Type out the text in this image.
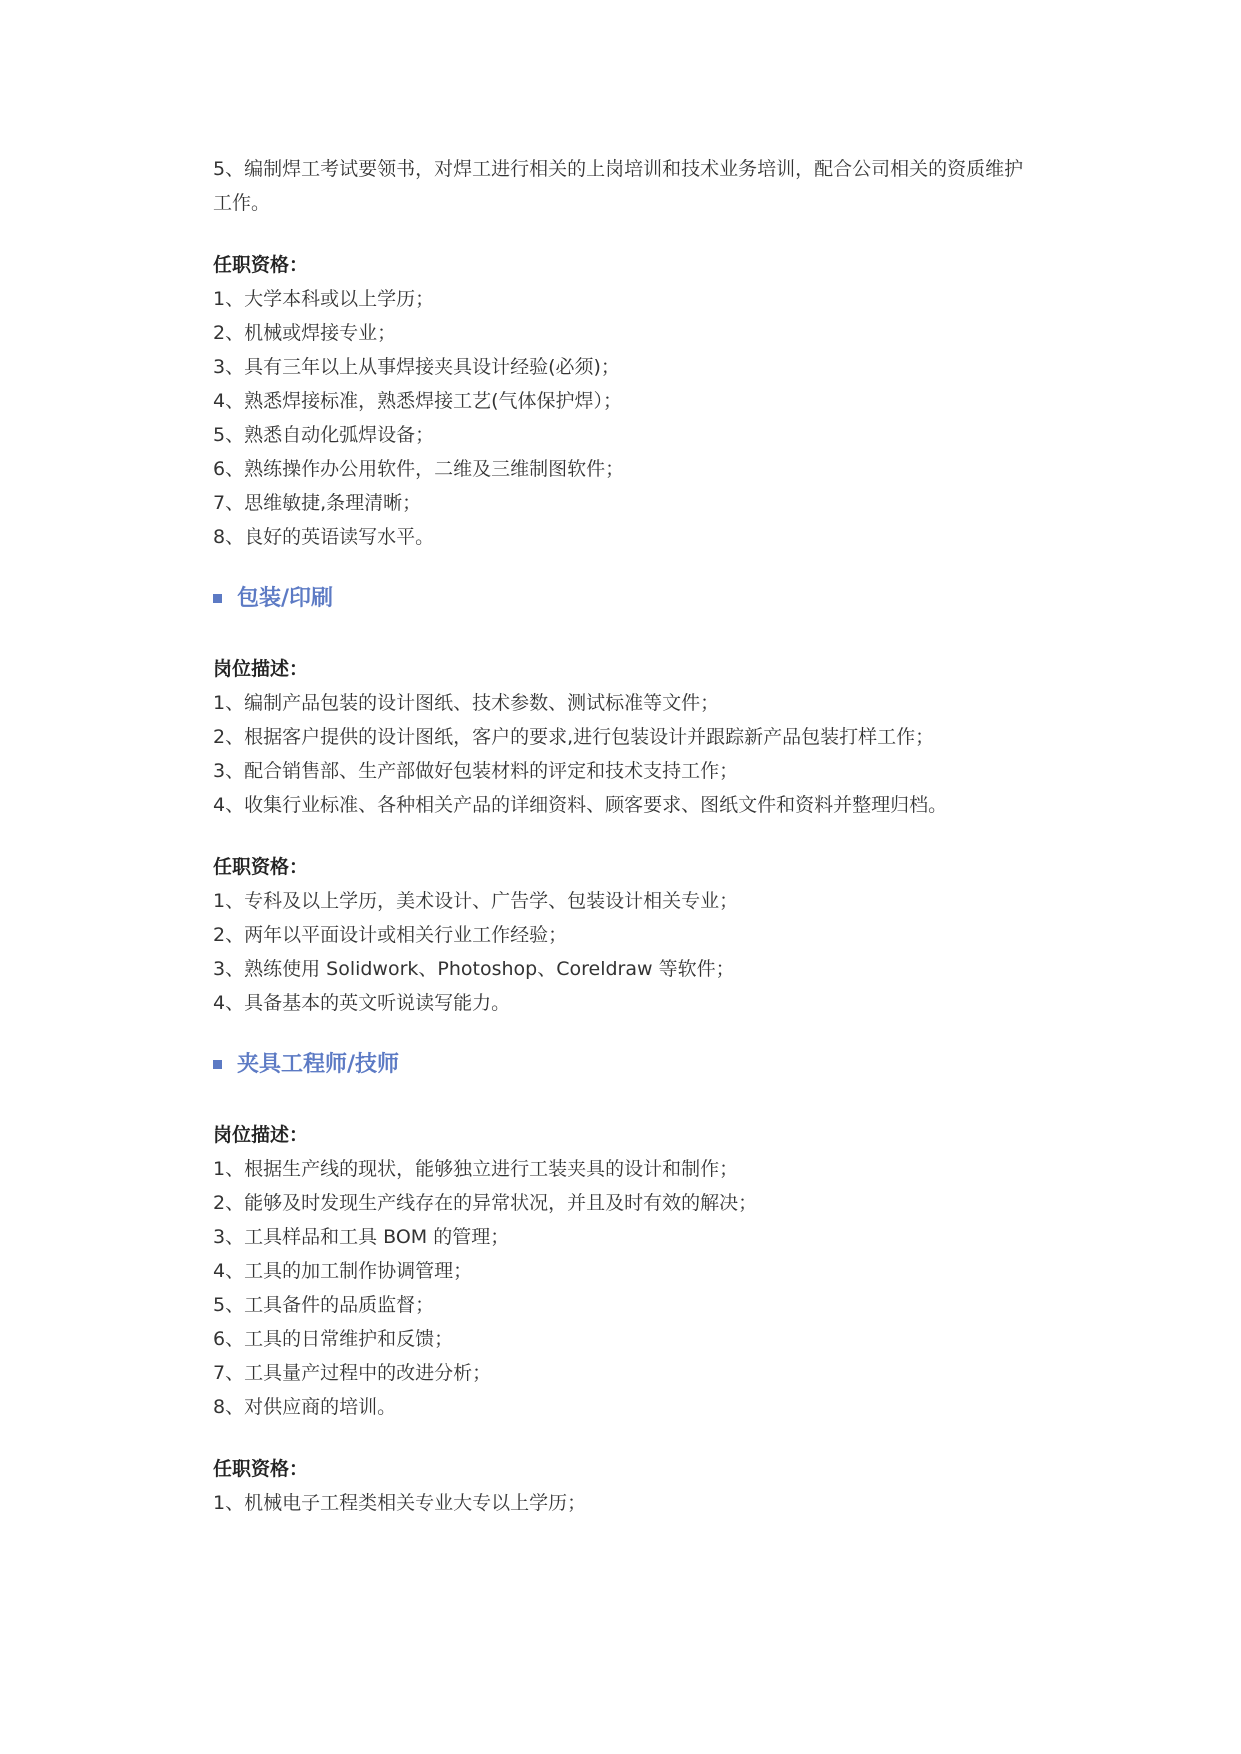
5、编制焊工考试要领书，对焊工进行相关的上岗培训和技术业务培训，配合公司相关的资质维护
工作。
任职资格：
1、大学本科或以上学历；
2、机械或焊接专业；
3、具有三年以上从事焊接夹具设计经验(必须)；
4、熟悉焊接标准，熟悉焊接工艺(气体保护焊）；
5、熟悉自动化弧焊设备；
6、熟练操作办公用软件，二维及三维制图软件；
7、思维敏捷,条理清晰；
8、良好的英语读写水平。
包装/印刷
岗位描述：
1、编制产品包装的设计图纸、技术参数、测试标准等文件；
2、根据客户提供的设计图纸，客户的要求,进行包装设计并跟踪新产品包装打样工作；
3、配合销售部、生产部做好包装材料的评定和技术支持工作；
4、收集行业标准、各种相关产品的详细资料、顾客要求、图纸文件和资料并整理归档。
任职资格：
1、专科及以上学历，美术设计、广告学、包装设计相关专业；
2、两年以平面设计或相关行业工作经验；
3、熟练使用 Solidwork、Photoshop、Coreldraw 等软件；
4、具备基本的英文听说读写能力。
夹具工程师/技师
岗位描述：
1、根据生产线的现状，能够独立进行工装夹具的设计和制作；
2、能够及时发现生产线存在的异常状况，并且及时有效的解决；
3、工具样品和工具 BOM 的管理；
4、工具的加工制作协调管理；
5、工具备件的品质监督；
6、工具的日常维护和反馈；
7、工具量产过程中的改进分析；
8、对供应商的培训。
任职资格：
1、机械电子工程类相关专业大专以上学历；
